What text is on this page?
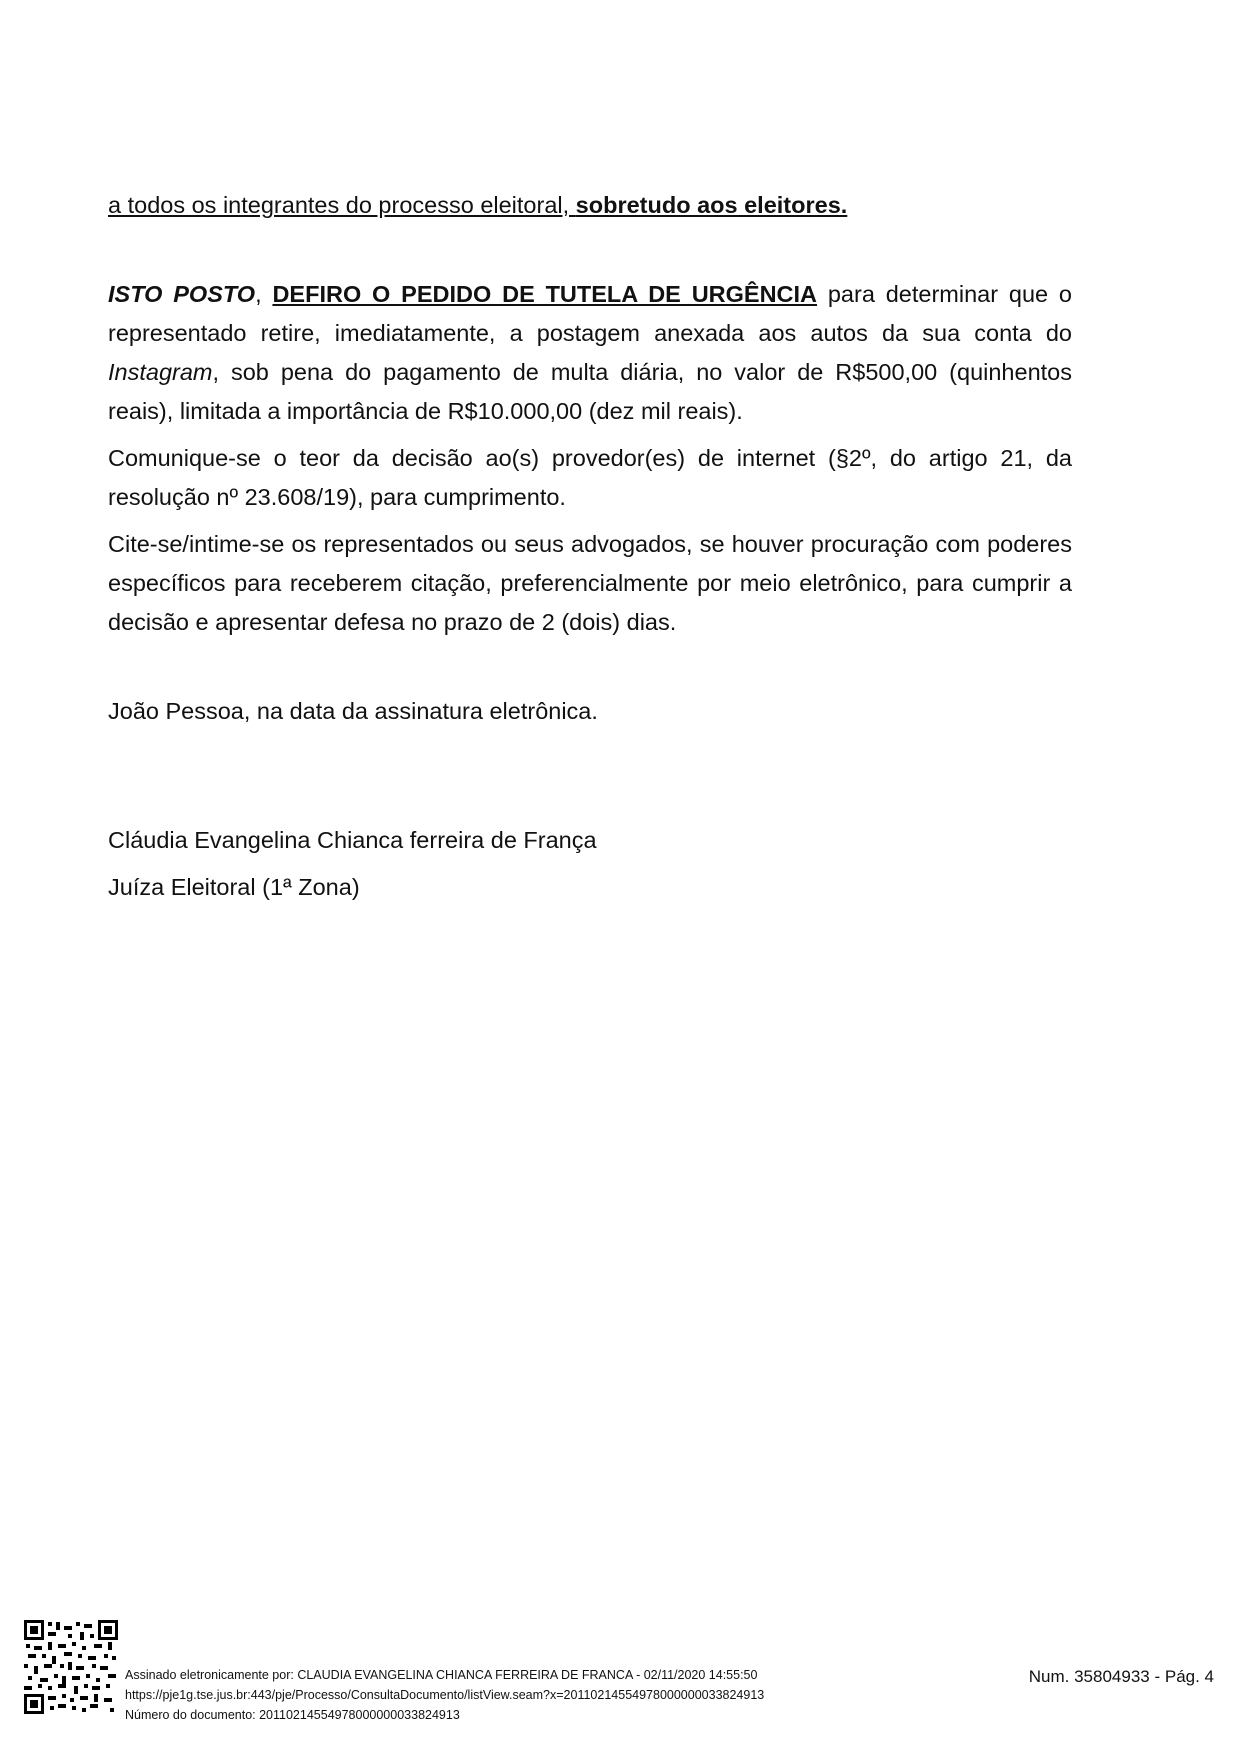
a todos os integrantes do processo eleitoral, sobretudo aos eleitores.

ISTO POSTO, DEFIRO O PEDIDO DE TUTELA DE URGÊNCIA para determinar que o representado retire, imediatamente, a postagem anexada aos autos da sua conta do Instagram, sob pena do pagamento de multa diária, no valor de R$500,00 (quinhentos reais), limitada a importância de R$10.000,00 (dez mil reais).

Comunique-se o teor da decisão ao(s) provedor(es) de internet (§2º, do artigo 21, da resolução nº 23.608/19), para cumprimento.

Cite-se/intime-se os representados ou seus advogados, se houver procuração com poderes específicos para receberem citação, preferencialmente por meio eletrônico, para cumprir a decisão e apresentar defesa no prazo de 2 (dois) dias.

João Pessoa, na data da assinatura eletrônica.

Cláudia Evangelina Chianca ferreira de França

Juíza Eleitoral (1ª Zona)

Assinado eletronicamente por: CLAUDIA EVANGELINA CHIANCA FERREIRA DE FRANCA - 02/11/2020 14:55:50
https://pje1g.tse.jus.br:443/pje/Processo/ConsultaDocumento/listView.seam?x=20110214554978000000033824913
Número do documento: 20110214554978000000033824913
Num. 35804933 - Pág. 4
